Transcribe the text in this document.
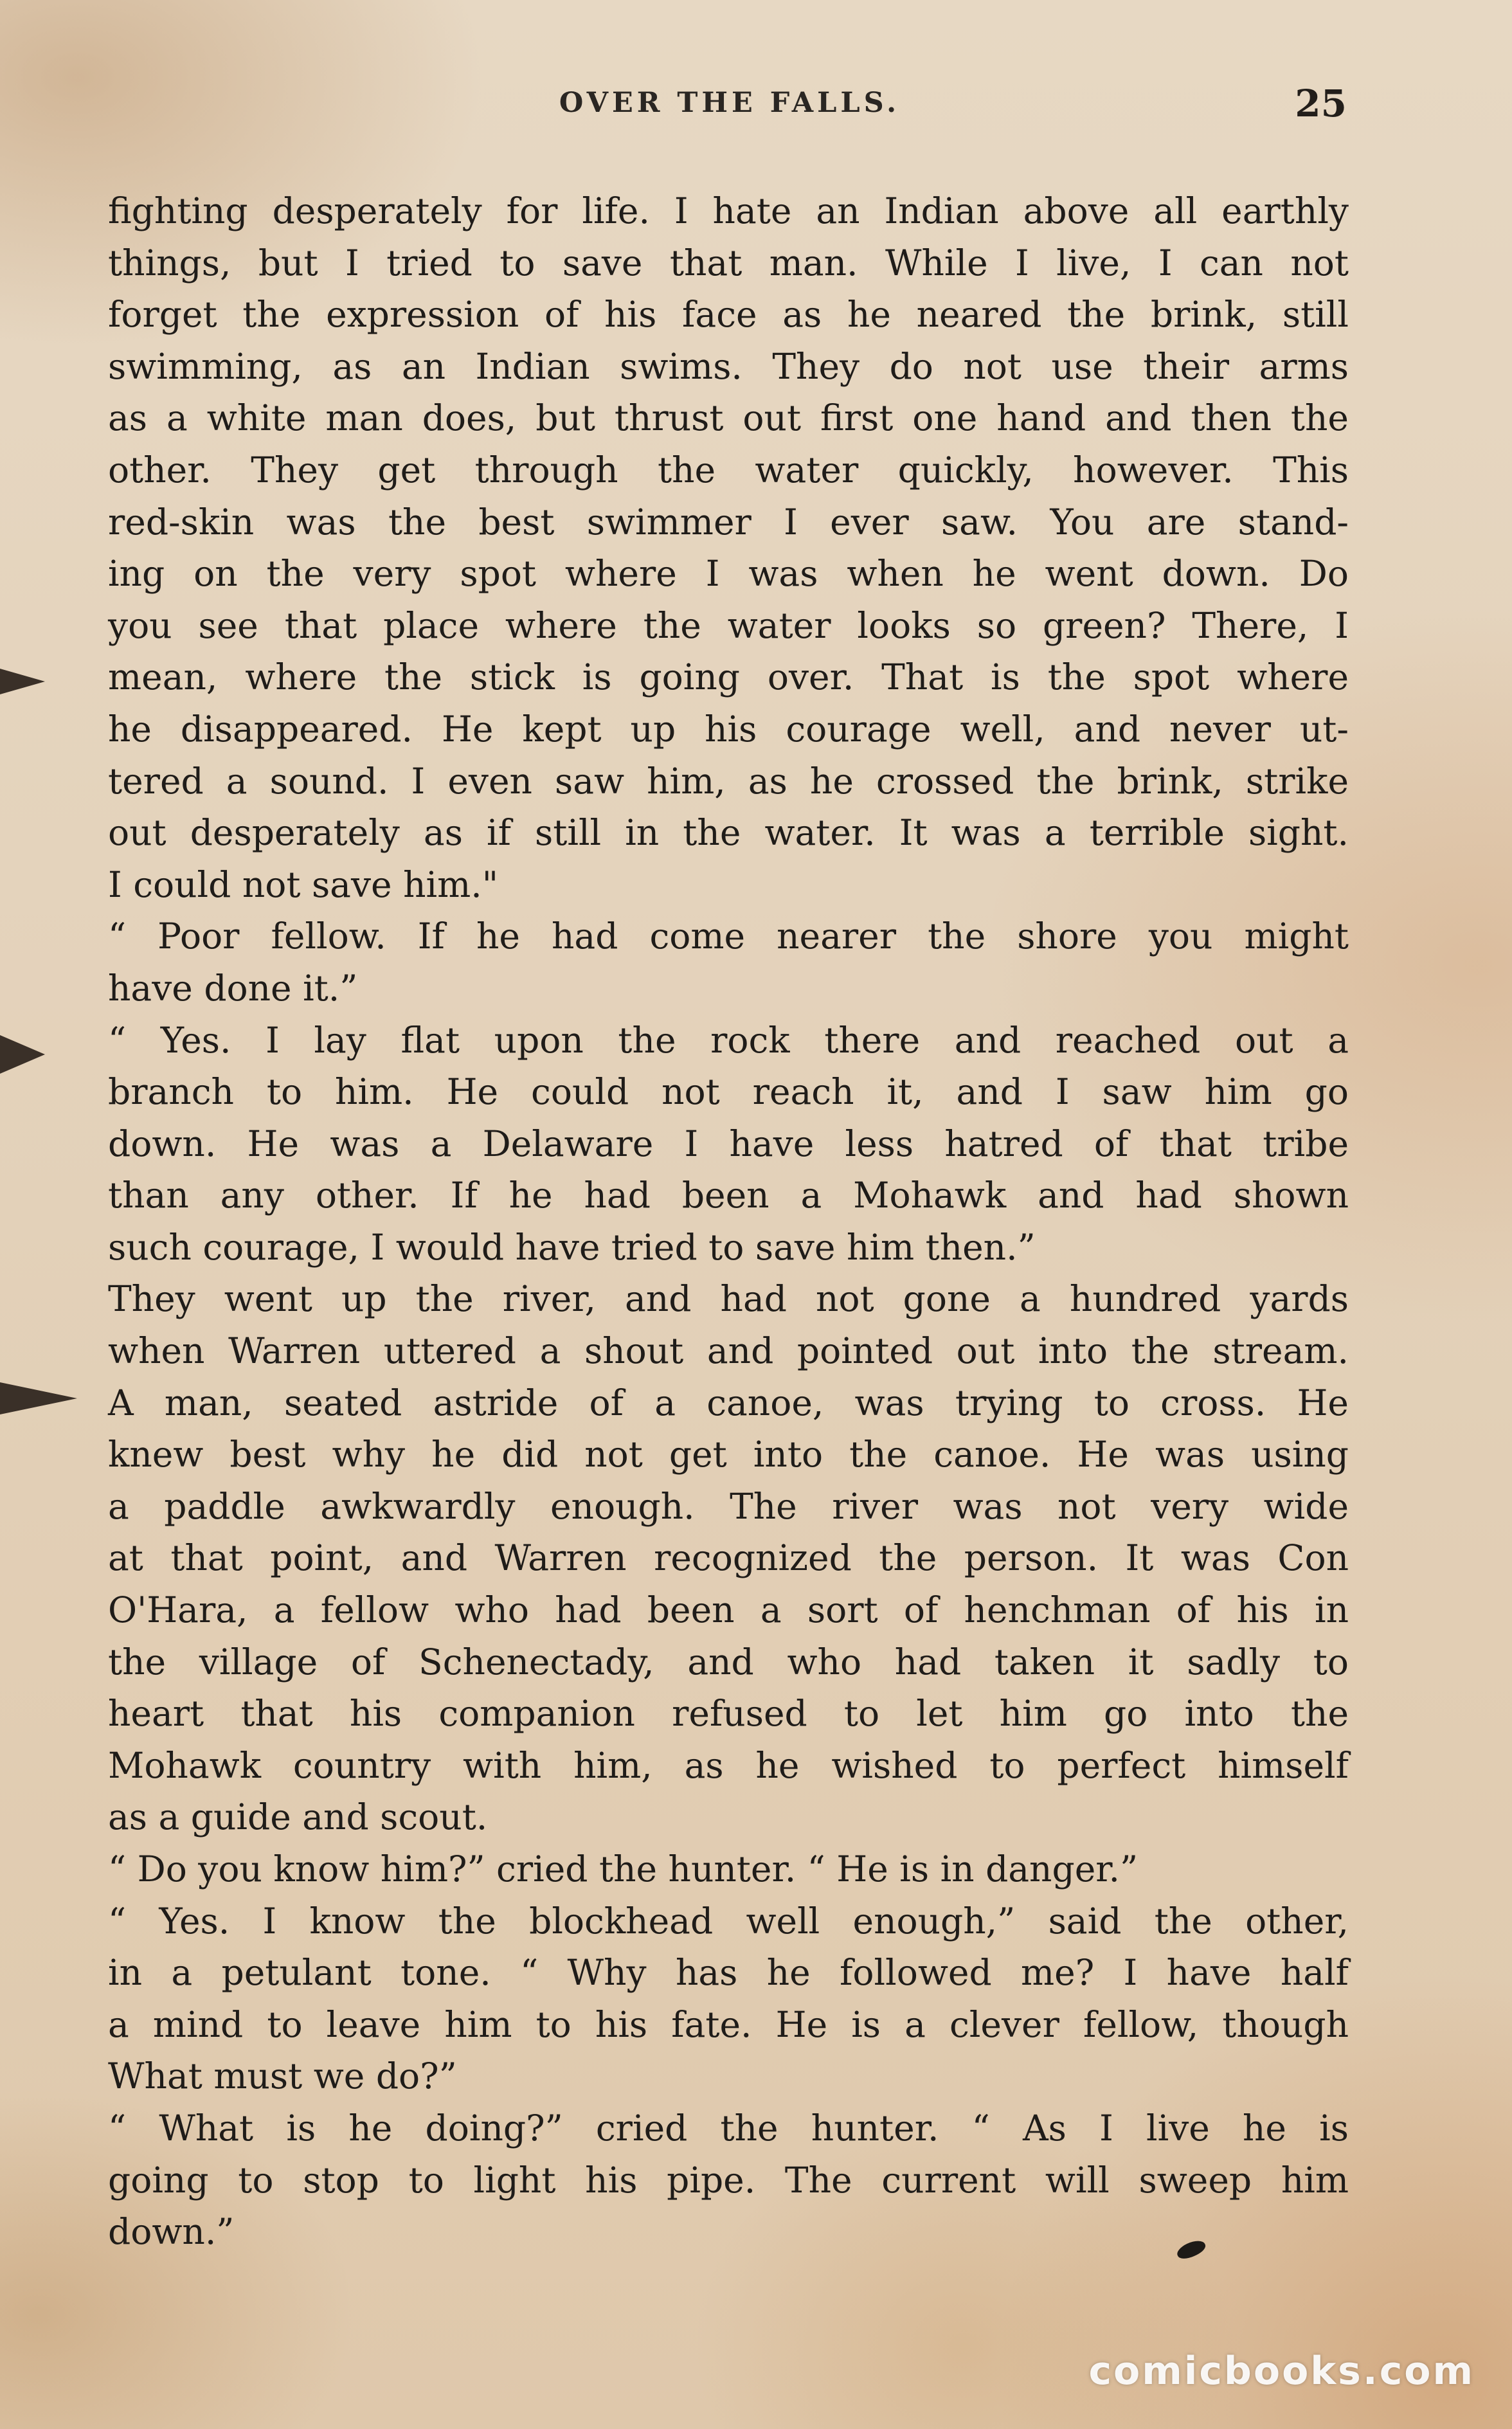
OVER THE FALLS.	25
fighting desperately for life. I hate an Indian above all earthly
things, but I tried to save that man. While I live, I can not
forget the expression of his face as he neared the brink, still
swimming, as an Indian swims. They do not use their arms
as a white man does, but thrust out first one hand and then the
other. They get through the water quickly, however. This
red-skin was the best swimmer I ever saw. You are stand-
ing on the very spot where I was when he went down. Do
you see that place where the water looks so green? There, I
mean, where the stick is going over. That is the spot where
he disappeared. He kept up his courage well, and never ut-
tered a sound. I even saw him, as he crossed the brink, strike
out desperately as if still in the water. It was a terrible sight.
I could not save him."
“ Poor fellow. If he had come nearer the shore you might
have done it.”
“ Yes. I lay flat upon the rock there and reached out a
branch to him. He could not reach it, and I saw him go
down. He was a Delaware I have less hatred of that tribe
than any other. If he had been a Mohawk and had shown
such courage, I would have tried to save him then.”
They went up the river, and had not gone a hundred yards
when Warren uttered a shout and pointed out into the stream.
A man, seated astride of a canoe, was trying to cross. He
knew best why he did not get into the canoe. He was using
a paddle awkwardly enough. The river was not very wide
at that point, and Warren recognized the person. It was Con
O'Hara, a fellow who had been a sort of henchman of his in
the village of Schenectady, and who had taken it sadly to
heart that his companion refused to let him go into the
Mohawk country with him, as he wished to perfect himself
as a guide and scout.
“ Do you know him?” cried the hunter. “ He is in danger.”
“ Yes. I know the blockhead well enough,” said the other,
in a petulant tone. “ Why has he followed me? I have half
a mind to leave him to his fate. He is a clever fellow, though
What must we do?”
“ What is he doing?” cried the hunter. “ As I live he is
going to stop to light his pipe. The current will sweep him
down.”
comicbooks.com
